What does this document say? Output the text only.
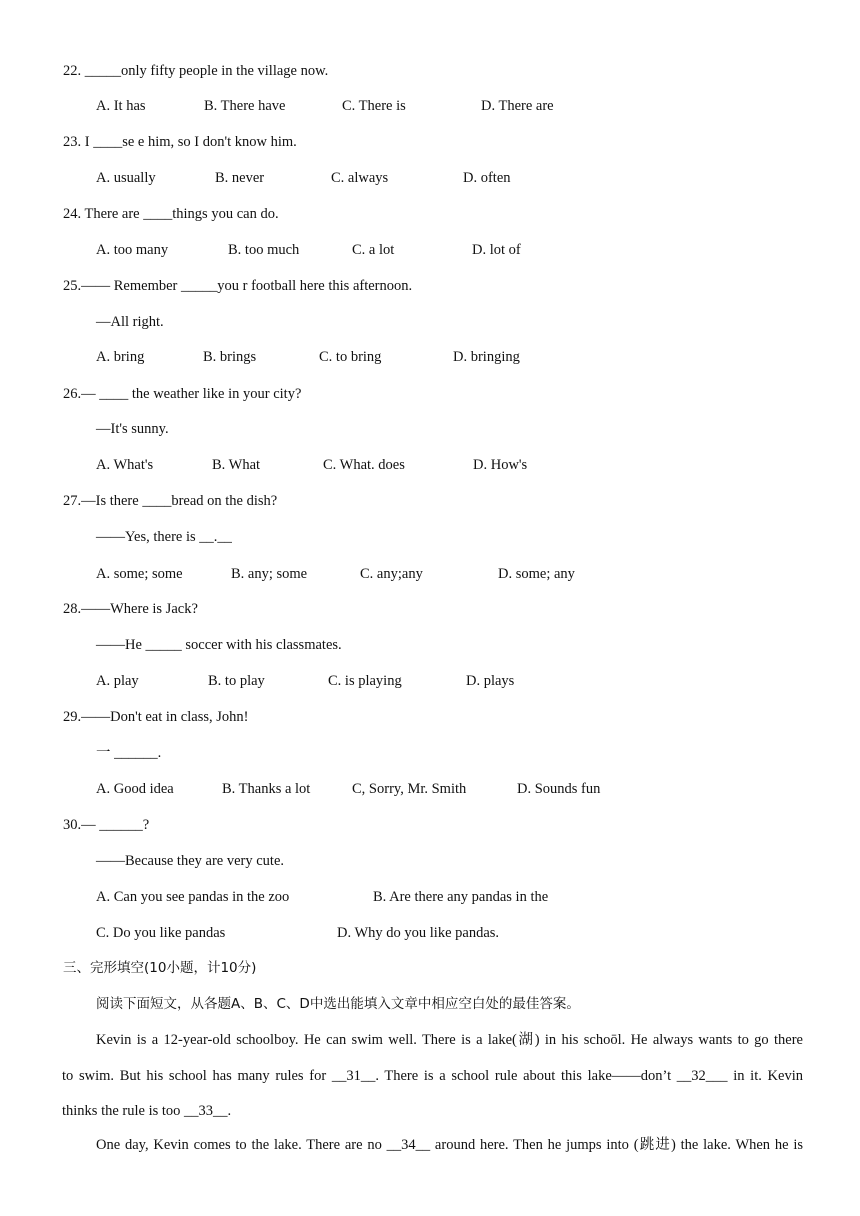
22. _____only fifty people in the village now.
A. It has	B. There have	C. There is	D. There are
23. I ____se e him, so I don't know him.
A. usually	B. never	C. always	D. often
24. There are ____things you can do.
A. too many	B. too much	C. a lot	D. lot of
25.—— Remember _____you r football here this afternoon.
—All right.
A. bring	B. brings	C. to bring	D. bringing
26.— ____ the weather like in your city?
—It's sunny.
A. What's	B. What	C. What. does	D. How's
27.—Is there ____bread on the dish?
——Yes, there is __.__
A. some; some	B. any; some	C. any;any	D. some; any
28.——Where is Jack?
——He _____ soccer with his classmates.
A. play	B. to play	C. is playing	D. plays
29.——Don't eat in class, John!
一 ______.
A. Good idea	B. Thanks a lot	C, Sorry, Mr. Smith	D. Sounds fun
30.— ______?
——Because they are very cute.
A. Can you see pandas in the zoo	B. Are there any pandas in the
C. Do you like pandas	D. Why do you like pandas.
三、完形填空(10小题，计10分)
阅读下面短文，从各题A、B、C、D中选出能填入文章中相应空白处的最佳答案。
Kevin is a 12-year-old schoolboy. He can swim well. There is a lake(湖) in his schoōl. He always wants to go there
to swim. But his school has many rules for __31__. There is a school rule about this lake——don’t __32___ in it. Kevin
thinks the rule is too __33__.
One day, Kevin comes to the lake. There are no __34__ around here. Then he jumps into (跳进) the lake. When he is
